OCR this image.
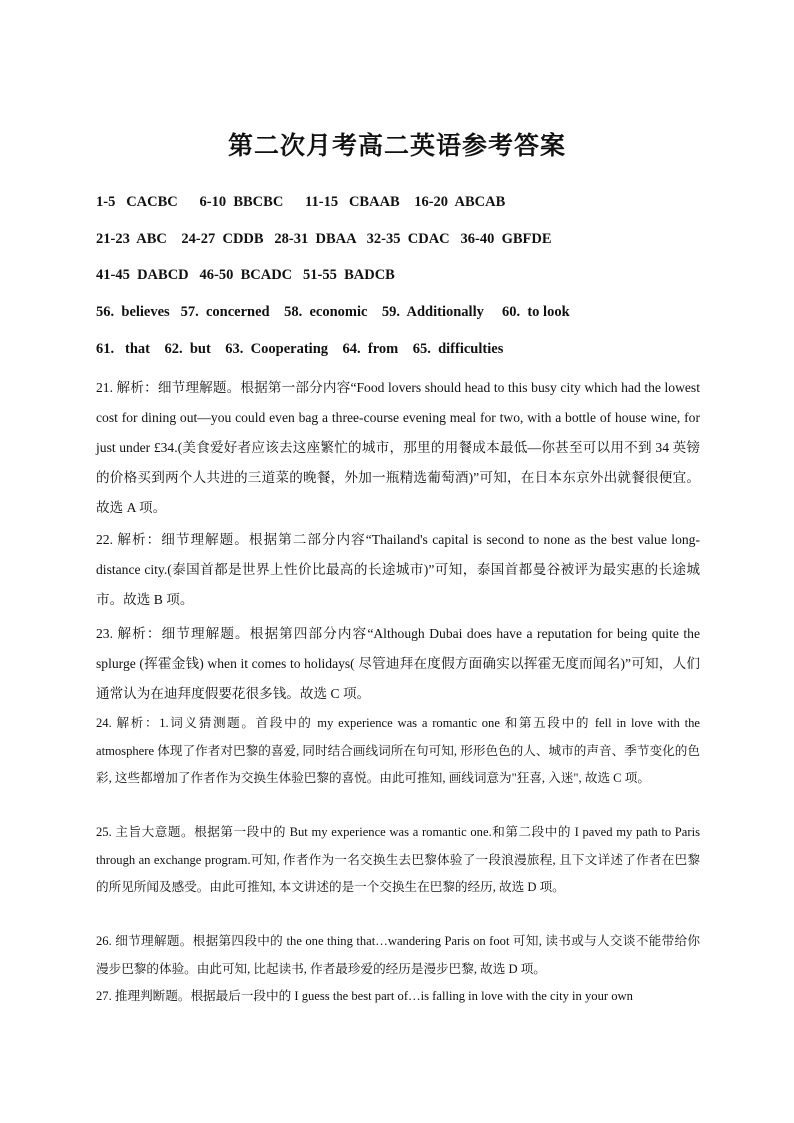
第二次月考高二英语参考答案

1-5   CACBC      6-10  BBCBC      11-15   CBAAB    16-20  ABCAB

21-23  ABC    24-27  CDDB   28-31  DBAA   32-35  CDAC   36-40  GBFDE

41-45  DABCD   46-50  BCADC   51-55  BADCB

56.  believes   57.  concerned    58.  economic    59.  Additionally     60.  to look

61.   that    62.  but    63.  Cooperating    64.  from    65.  difficulties

21. 解析：细节理解题。根据第一部分内容“Food lovers should head to this busy city which had the lowest cost for dining out—you could even bag a three-course evening meal for two, with a bottle of house wine, for just under £34.(美食爱好者应该去这座繁忙的城市，那里的用餐成本最低—你甚至可以用不到 34 英镑的价格买到两个人共进的三道菜的晚餐，外加一瓶精选葡萄酒)”可知，在日本东京外出就餐很便宜。故选 A 项。

22. 解析：细节理解题。根据第二部分内容“Thailand's capital is second to none as the best value long-distance city.(泰国首都是世界上性价比最高的长途城市)”可知，泰国首都曼谷被评为最实惠的长途城市。故选 B 项。

23. 解析：细节理解题。根据第四部分内容“Although Dubai does have a reputation for being quite the splurge (挥霍金钱) when it comes to holidays( 尽管迪拜在度假方面确实以挥霍无度而闻名)”可知，人们通常认为在迪拜度假要花很多钱。故选 C 项。

24. 解析：1.词义猜测题。首段中的 my experience was a romantic one 和第五段中的 fell in love with the atmosphere 体现了作者对巴黎的喜爱, 同时结合画线词所在句可知, 形形色色的人、城市的声音、季节变化的色彩, 这些都增加了作者作为交换生体验巴黎的喜悦。由此可推知, 画线词意为"狂喜, 入迷", 故选 C 项。

25. 主旨大意题。根据第一段中的 But my experience was a romantic one.和第二段中的 I paved my path to Paris through an exchange program.可知, 作者作为一名交换生去巴黎体验了一段浪漫旅程, 且下文详述了作者在巴黎的所见所闻及感受。由此可推知, 本文讲述的是一个交换生在巴黎的经历, 故选 D 项。

26. 细节理解题。根据第四段中的 the one thing that…wandering Paris on foot 可知, 读书或与人交谈不能带给你漫步巴黎的体验。由此可知, 比起读书, 作者最珍爱的经历是漫步巴黎, 故选 D 项。

27. 推理判断题。根据最后一段中的 I guess the best part of…is falling in love with the city in your own
